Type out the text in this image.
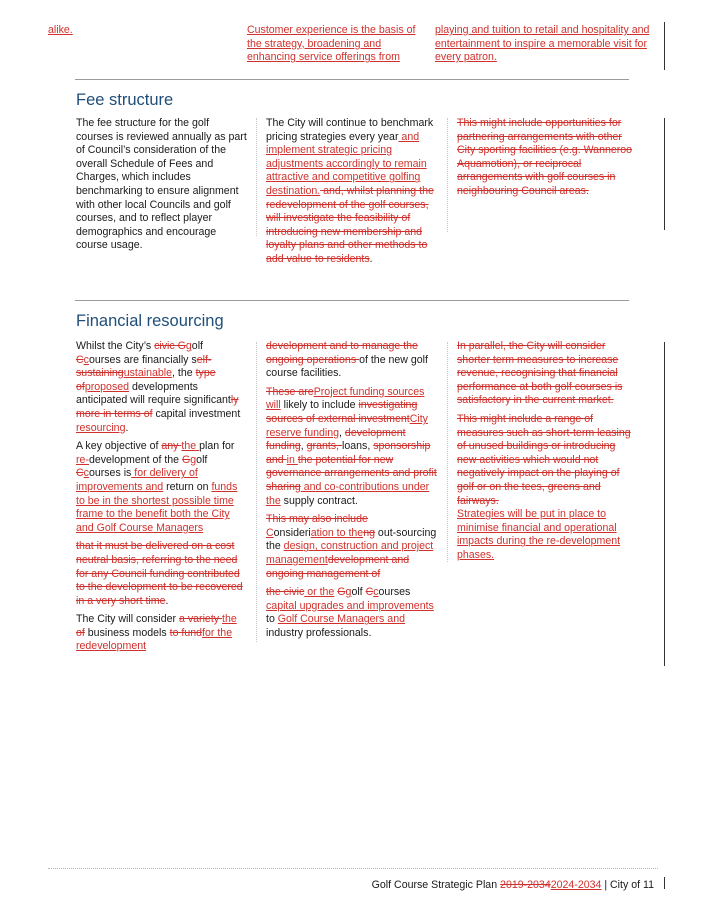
alike.	Customer experience is the basis of the strategy, broadening and enhancing service offerings from
playing and tuition to retail and hospitality and entertainment to inspire a memorable visit for every patron.
Fee structure

The fee structure for the golf courses is reviewed annually as part of Council’s consideration of the overall Schedule of Fees and Charges, which includes benchmarking to ensure alignment with other local Councils and golf courses, and to reflect player demographics and encourage course usage.

The City will continue to benchmark pricing strategies every year and implement strategic pricing adjustments accordingly to remain attractive and competitive golfing destination. and, whilst planning the redevelopment of the golf courses, will investigate the feasibility of introducing new membership and loyalty plans and other methods to add value to residents.

This might include opportunities for partnering arrangements with other City sporting facilities (e.g. Wanneroo Aquamotion), or reciprocal arrangements with golf courses in neighbouring Council areas.

Financial resourcing

Whilst the City’s civic Ggolf Ccourses are financially self-sustainingustainable, the type ofproposed developments anticipated will require significantly more in terms of capital investment resourcing.

A key objective of any the plan for re-development of the Ggolf Ccourses is for delivery of improvements and return on funds to be in the shortest possible time frame to the benefit both the City and Golf Course Managers

that it must be delivered on a cost neutral basis, referring to the need for any Council funding contributed to the development to be recovered in a very short time.

The City will consider a variety the of business models to fundfor the redevelopment

development and to manage the ongoing operations of the new golf course facilities.

These areProject funding sources will likely to include investigating sources of external investmentCity reserve funding, development funding, grants, loans, sponsorship and in the potential for new governance arrangements and profit sharing and co-contributions under the supply contract.

This may also include Consideriation to theng out-sourcing the design, construction and project managementdevelopment and ongoing management of

the civic or the Ggolf Ccourses capital upgrades and improvements to Golf Course Managers and industry professionals.

In parallel, the City will consider shorter term measures to increase revenue, recognising that financial performance at both golf courses is satisfactory in the current market.

This might include a range of measures such as short-term leasing of unused buildings or introducing new activities which would not negatively impact on the playing of golf or on the tees, greens and fairways.
Strategies will be put in place to minimise financial and operational impacts during the re-development phases.

Golf Course Strategic Plan 2019-20342024-2034 | City of 11
